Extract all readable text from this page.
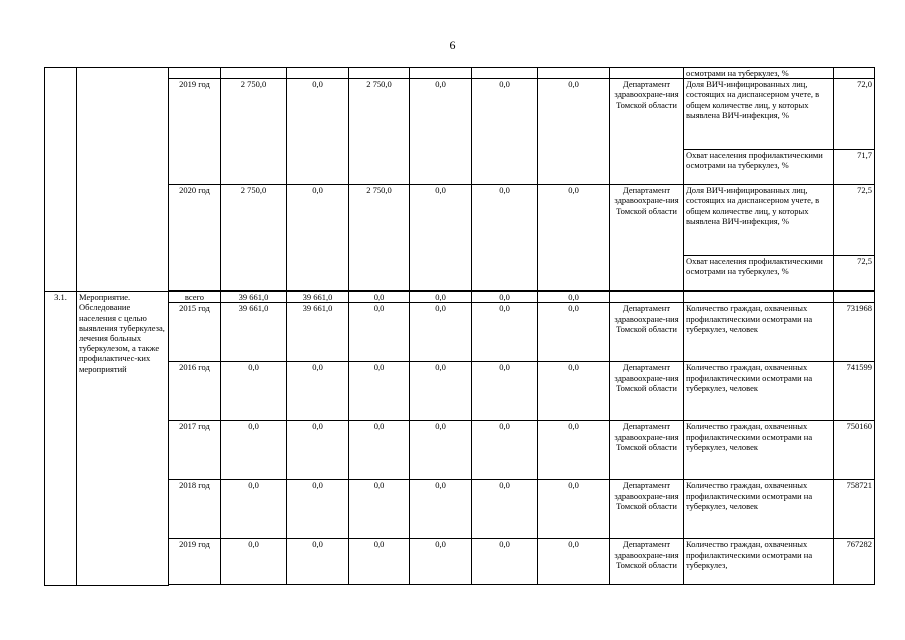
6
										осмотрами на туберкулез, %	
		2019 год	2 750,0	0,0	2 750,0	0,0	0,0	0,0	Департамент здравоохране-ния Томской области	Доля ВИЧ-инфицированных лиц, состоящих на диспансерном учете, в общем количестве лиц, у которых выявлена ВИЧ-инфекция, %	72,0
										Охват населения профилактическими осмотрами на туберкулез, %	71,7
		2020 год	2 750,0	0,0	2 750,0	0,0	0,0	0,0	Департамент здравоохране-ния Томской области	Доля ВИЧ-инфицированных лиц, состоящих на диспансерном учете, в общем количестве лиц, у которых выявлена ВИЧ-инфекция, %	72,5
										Охват населения профилактическими осмотрами на туберкулез, %	72,5

3.1.	Мероприятие. Обследование населения с целью выявления туберкулеза, лечения больных туберкулезом, а также профилактичес-ких мероприятий	всего	39 661,0	39 661,0	0,0	0,0	0,0	0,0			
		2015 год	39 661,0	39 661,0	0,0	0,0	0,0	0,0	Департамент здравоохране-ния Томской области	Количество граждан, охваченных профилактическими осмотрами на туберкулез, человек	731968
		2016 год	0,0	0,0	0,0	0,0	0,0	0,0	Департамент здравоохране-ния Томской области	Количество граждан, охваченных профилактическими осмотрами на туберкулез, человек	741599
		2017 год	0,0	0,0	0,0	0,0	0,0	0,0	Департамент здравоохране-ния Томской области	Количество граждан, охваченных профилактическими осмотрами на туберкулез, человек	750160
		2018 год	0,0	0,0	0,0	0,0	0,0	0,0	Департамент здравоохране-ния Томской области	Количество граждан, охваченных профилактическими осмотрами на туберкулез, человек	758721
		2019 год	0,0	0,0	0,0	0,0	0,0	0,0	Департамент здравоохране-ния Томской области	Количество граждан, охваченных профилактическими осмотрами на туберкулез,	767282
